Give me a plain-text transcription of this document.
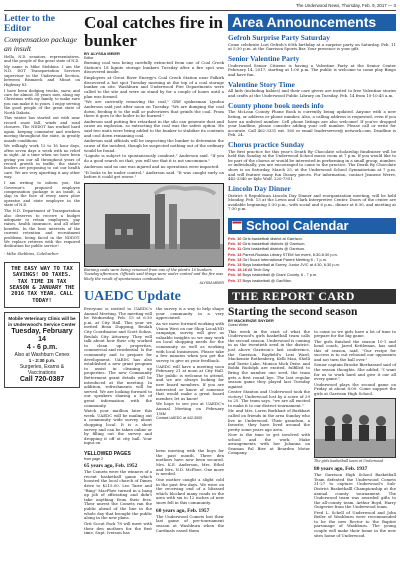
The Underwood News, Thursday, Feb. 9, 2017 — 3
Letter to the Editor
Compensation package an insult
Hello, N.D. senators, representatives, and the people of the great state of N.D.
My name is Mike Stebbins. I am the N.D. DOT Transportation Services supervisor in the Underwood Section, between Bismarck and Minot on Highway 83.
I have been dodging trucks, snow, and cars for almost 30 years now, along my Christmas with my family, to make sure you can make it to yours. I enjoy serving the good people of the great state of North Dakota.
This winter has started out with near record snow fall, winds and road closures. The NDDOT has worked hard again, keeping commuter and workers moving throughout the state, in greatly unsafe conditions.
We willingly work 12 to 16 hour days, often seven days a week with no relief in sight. At a time when we have been giving you our all throughout years of record growth in traffic, the state's leaders are proposing to cut our health care. We are very upsetting it any other way.
I am writing to inform you, the Governor's proposed employee compensation package is an insult. A slap in the face of every snow plow operator and state employee in the state of N.D.
The N.D. Department of Transportation also deserves to receive a budget adequate to retain employees, pay raises, health insurance, and all other benefits. In the best interests of the current retention and recruitment problems, being faced in the NDDOT. We replace retirees with the required dedication for public service!
- Mike Stebbins, Coleharbor
THE EASY WAY TO TAX SAVINGS! DO TAXES. TAX TIME IN TAX SEASON & JANUARY THE 2016 TAX YEAR. CALL TODAY!
Mobile Veterinary Clinic will be in Underwood's Service Center
Tuesday, February 14
4 - 6 p.m.
Also at Washburn Cenex
1 - 2:30 p.m.
Surgeries, Exams & Vaccinations
Call 720-0387
Coal catches fire in bunker
BY ALYSSA MEIER
Editor
Burning coal was being carefully extracted from one of Coal Creek Station's 18 lignite storage bunkers Tuesday after a fire spot was discovered inside.
Employees at Great River Energy's Coal Creek Station near Falkirk discovered a hot spot Tuesday morning at the top of a coal storage bunker on site. Washburn and Underwood Fire Departments were called to the site and were on stand by for a couple of hours until a plan was formed.
"We are currently removing the coal," GRE spokesman Lyndon Anderson said just after noon on Tuesday. "We are dumping the coal down, feeding it to the mill or pulverizers that grinds the coal. From there it goes to the boiler to be burned."
Anderson said putting fire retardant in the silo can generate dust and cause an explosion, so extracting the coal was the safest option. He said two units were being added to the bunker to stabilize its contents and cool down remaining coal.
Anderson said officials will be inspecting the bunker to determine the cause of the incident, though he suspected nothing out of the ordinary would be found.
"Lignite is subject to spontaneously combust," Anderson said. "If you do a good search on that, you will see that it is not uncommon."
Anderson said no one was injured and no operations were impacted.
"It looks to be under control," Anderson said. "It was caught early on before it could get worse."
Burning coals were being removed from one of the plant's 16 bunkers Tuesday afternoon. Officials said things were under control and the fire was likely the result of spontaneous combustion.
ALYSSA MEIER
UAEDC Update
Everyone is invited to UAEDC's Annual Meeting. The meeting will be Wednesday, Feb. 15 at 6:30 p.m. at City Hall. This year we invited Beau Duppong, Beulah City Coordinator and Scott Sohns, Beulah City Attorney. They will talk about how their city worked to clean up properties, commercial and residential. Is the community and to prepare for development. UAEDC has also established a new grant program to assist in cleaning up properties. The new Community Betterment grant details will be introduced at the meeting. In addition, refreshments will be served. We are looking forward to our speakers sharing a lot of great information with the community.
Watch your mailbox later this week. UAEDC will be mailing out a community wide survey about shopping local. It is a short survey and can be taken online or by filling out the survey and dropping it off at city hall. Your input on
the survey is a way to help shape your community in a very appreciated.
As we move forward working with Vision West on our Shop Local/ND campaign, survey will give us valuable insights so we may work on local shopping needs for the community as well as working with local businesses. Please take a few minutes when you get the survey to give us your feedback.
UAEDC will have a meeting soon February 21 at noon at City Hall. The public is welcome to attend, and we are always looking for new board members. If you are interested or know of someone that would make a great board member, let us know!
We hope to see you at UAEDC's Annual Meeting on February 15th!
Contact UAEDC at 442-3000
YELLOWED PAGES
from page 2
65 years ago, Feb. 1952
The Comets were the winners of a recent basketball game which boosted the local church of Dimes drive to $215.00. Leo Tarre and "Bing" MacPhee turned in a bang up job of officiating and didn't take anything from their fees. Their unrest the Comets ran the public ahead of the line in the whole day that brought the public along in the new plans.
Grit Scout Pack 78 will meet with their den mothers for the first time, Supt. Iverson has
been meeting with the boys for the past month. Three den mothers have now been secured. Mrs. K.E. Anderson, Mrs. Ethel and Mrs. N.D. McPhee. One more is needed.
One mother caught a slight cold in the past few days. We were on the receiving end of a blizzard which blocked many roads in the area with six to 12 inches of new snow fell in this community.
60 years ago, Feb. 1957
The Underwood Comets lost their last game of pre-tournament season at Washburn when the Cardinals eased them
Area Announcements
Gefroh Surprise Party Saturday
Come celebrate Lori Gefroh's 60th birthday at a surprise party on Saturday, Feb. 11 at 5:30 p.m. at the Garrison Sports Bar. Your presence is your gift.
Senior Valentine Party
Underwood Senior Citizens is having a Valentine Party at the Senior Center February 14, 2017, starting at 1:00 p.m. The public is welcome to come play Bingo and have fun.
Valentine Story Time
All kids (including babies) and their care givers are invited to free Valentine stories and crafts at the Underwood Public Library on Tuesday, Feb. 14 from 10-10:45 a.m.
County phone book needs info
The McLean County Phone Book is currently being updated. Anyone with a new listing, or address or phone number, Also, a calling address is requested, even if you have an unlisted number. Cell phone listings are also welcome! If you've dropped your landline, please consider adding your cell number. Please call or write for accurate. Call 462-3331 ext. 160 or email leaderserver@ network.com. Deadline is Feb. 24.
Chorus practice Sunday
The first practice for this year's Death By Chocolate scholarship fundraiser will be held this Sunday at the Underwood School music room at 7 p.m. If you would like to be part of the chorus or would be interested in performing in a small group, number, or individually, you are encouraged to come to the practice. The Death By Chocolate show is on Saturday, March 25, at the Underwood School Gymnatorium at 7 p.m. and will feature many fun Disney pieces. For information, contact Jeanene Werre, 442-3340 or Kyle Wolf, 220-7351.
Lincoln Day Dinner
District 8 Republican Lincoln Day Dinner and reorganization meeting, will be held Monday, Feb. 13 at the Lewis and Clark Interpretive Center. Doors of the center are available beginning 5:30 p.m., with social and 6 p.m., dinner at 6:30, and meeting at 7:30 p.m.
School Calendar
Feb. 10 Girls basketball district at Garrison.
Feb. 10 Girls basketball districts @ Garrison.
Feb. 11 Girls basketball districts @ Garrison.
Feb. 13 Parent-Rudaka Library STEM fun event, 6:30-8:30 p.m.
Feb. 13 Girl Scout International Parent Meeting 6 - 7 p.m.
Feb. 13 Boys basketball at Surrey, Junior JV/C at 4:30, 6:30 p.m.
Feb. 15-16 All Tech Day.
Feb. 16 Boys basketball @ Grant County, 6 - 7 p.m.
Feb. 17 Boys basketball @ Gar/Max.
THE REPORT CARD
Starting the second season
BY MACKENZIE SNYDER
Guest Writer
This week in the start of what the Underwood's girls basketball team calls the second season. Underwood is coming in as the twentieth seed in the district, just above Garrison's last conference, the Garrison. Rayfield's Lexi Ward, Mackenzie Rothenberg, Kelli Mau, Shelli and Tarrie Lake, Monica Mick Deitz, and Bobbi Rudolph are excited, fulfilled to Bring the number one seed, the team gets a first round bye. The last regular season game they played last Tuesday against
Center Stanton and Underwood took the victory! Underwood lost by a score of 29 to 25. The team says, "we are all excited to make it to our district tournament."
Mr. and Mrs. Loren Burkhart of Burkhart called on friends in the area Sunday who live in Underwood. Their grandson, a favorite, they have lived around the pretty some years ago area.
Now is the time to get involved with school and the work. Make arrangements with her Johanna on Seaman Pal Bier at Bearden Motor Company.
to come so we girls have a lot of time to prepare for the big game.
The girls finished the season 10-1 and head coach, Jared Kettleman, has said this of season, said, "Our recipe for success is to out rebound our opponents and not turn the ball over."
Senior captain Brooke Bierhansed said of the season thoughts. She added, "I want for us to work hard and give it our all every game."
Underwood plays the second game on Friday at about 8:00. Come support the girls at Garrison High School.
The girls basketball team at Underwood
80 years ago, Feb. 1937
The Garrison High School Basketball Team defeated the Underwood Comets 31-27 to capture Underwood's Sub-District Basketballl Championship at the annual county tournament. The Underwood team was awarded gifts to the all-county team. Arthur Boyd, Harry Guigevier from the Underwood team.
Fred L. Schell of Underwood and John Beiler of Washburn were recommended to be the new Rector to the Baptist parsonage of Washburn. The young couple will make their home in the new sites home of Underwood.
